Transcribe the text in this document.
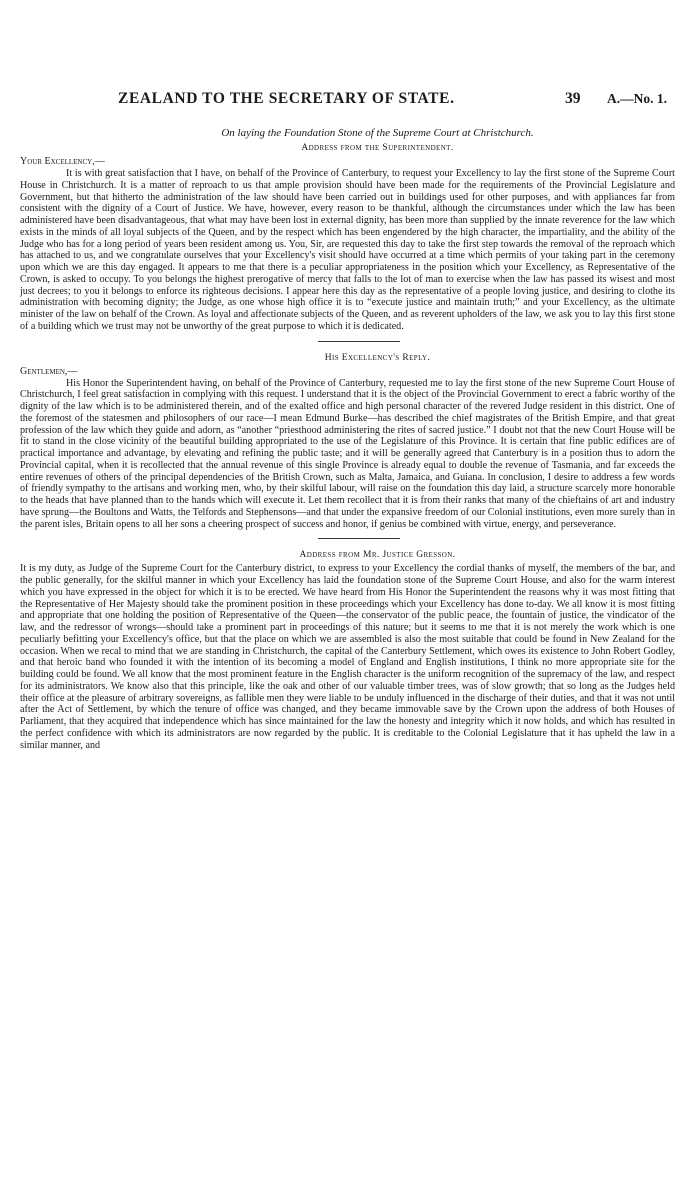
ZEALAND TO THE SECRETARY OF STATE.	39 A.—No. 1.
On laying the Foundation Stone of the Supreme Court at Christchurch.
Address from the Superintendent.
Your Excellency,—

It is with great satisfaction that I have, on behalf of the Province of Canterbury, to request your Excellency to lay the first stone of the Supreme Court House in Christchurch. It is a matter of reproach to us that ample provision should have been made for the requirements of the Provincial Legislature and Government, but that hitherto the administration of the law should have been carried out in buildings used for other purposes, and with appliances far from consistent with the dignity of a Court of Justice. We have, however, every reason to be thankful, although the circumstances under which the law has been administered have been disadvantageous, that what may have been lost in external dignity, has been more than supplied by the innate reverence for the law which exists in the minds of all loyal subjects of the Queen, and by the respect which has been engendered by the high character, the impartiality, and the ability of the Judge who has for a long period of years been resident among us. You, Sir, are requested this day to take the first step towards the removal of the reproach which has attached to us, and we congratulate ourselves that your Excellency's visit should have occurred at a time which permits of your taking part in the ceremony upon which we are this day engaged. It appears to me that there is a peculiar appropriateness in the position which your Excellency, as Representative of the Crown, is asked to occupy. To you belongs the highest prerogative of mercy that falls to the lot of man to exercise when the law has passed its wisest and most just decrees; to you it belongs to enforce its righteous decisions. I appear here this day as the representative of a people loving justice, and desiring to clothe its administration with becoming dignity; the Judge, as one whose high office it is to “execute justice and maintain truth;” and your Excellency, as the ultimate minister of the law on behalf of the Crown. As loyal and affectionate subjects of the Queen, and as reverent upholders of the law, we ask you to lay this first stone of a building which we trust may not be unworthy of the great purpose to which it is dedicated.

His Excellency's Reply.
Gentlemen,—

His Honor the Superintendent having, on behalf of the Province of Canterbury, requested me to lay the first stone of the new Supreme Court House of Christchurch, I feel great satisfaction in complying with this request. I understand that it is the object of the Provincial Government to erect a fabric worthy of the dignity of the law which is to be administered therein, and of the exalted office and high personal character of the revered Judge resident in this district. One of the foremost of the statesmen and philosophers of our race—I mean Edmund Burke—has described the chief magistrates of the British Empire, and that great profession of the law which they guide and adorn, as “another “priesthood administering the rites of sacred justice.” I doubt not that the new Court House will be fit to stand in the close vicinity of the beautiful building appropriated to the use of the Legislature of this Province. It is certain that fine public edifices are of practical importance and advantage, by elevating and refining the public taste; and it will be generally agreed that Canterbury is in a position thus to adorn the Provincial capital, when it is recollected that the annual revenue of this single Province is already equal to double the revenue of Tasmania, and far exceeds the entire revenues of others of the principal dependencies of the British Crown, such as Malta, Jamaica, and Guiana. In conclusion, I desire to address a few words of friendly sympathy to the artisans and working men, who, by their skilful labour, will raise on the foundation this day laid, a structure scarcely more honorable to the heads that have planned than to the hands which will execute it. Let them recollect that it is from their ranks that many of the chieftains of art and industry have sprung—the Boultons and Watts, the Telfords and Stephensons—and that under the expansive freedom of our Colonial institutions, even more surely than in the parent isles, Britain opens to all her sons a cheering prospect of success and honor, if genius be combined with virtue, energy, and perseverance.

Address from Mr. Justice Gresson.

It is my duty, as Judge of the Supreme Court for the Canterbury district, to express to your Excellency the cordial thanks of myself, the members of the bar, and the public generally, for the skilful manner in which your Excellency has laid the foundation stone of the Supreme Court House, and also for the warm interest which you have expressed in the object for which it is to be erected. We have heard from His Honor the Superintendent the reasons why it was most fitting that the Representative of Her Majesty should take the prominent position in these proceedings which your Excellency has done to-day. We all know it is most fitting and appropriate that one holding the position of Representative of the Queen—the conservator of the public peace, the fountain of justice, the vindicator of the law, and the redressor of wrongs—should take a prominent part in proceedings of this nature; but it seems to me that it is not merely the work which is one peculiarly befitting your Excellency's office, but that the place on which we are assembled is also the most suitable that could be found in New Zealand for the occasion. When we recal to mind that we are standing in Christchurch, the capital of the Canterbury Settlement, which owes its existence to John Robert Godley, and that heroic band who founded it with the intention of its becoming a model of England and English institutions, I think no more appropriate site for the building could be found. We all know that the most prominent feature in the English character is the uniform recognition of the supremacy of the law, and respect for its administrators. We know also that this principle, like the oak and other of our valuable timber trees, was of slow growth; that so long as the Judges held their office at the pleasure of arbitrary sovereigns, as fallible men they were liable to be unduly influenced in the discharge of their duties, and that it was not until after the Act of Settlement, by which the tenure of office was changed, and they became immovable save by the Crown upon the address of both Houses of Parliament, that they acquired that independence which has since maintained for the law the honesty and integrity which it now holds, and which has resulted in the perfect confidence with which its administrators are now regarded by the public. It is creditable to the Colonial Legislature that it has upheld the law in a similar manner, and
